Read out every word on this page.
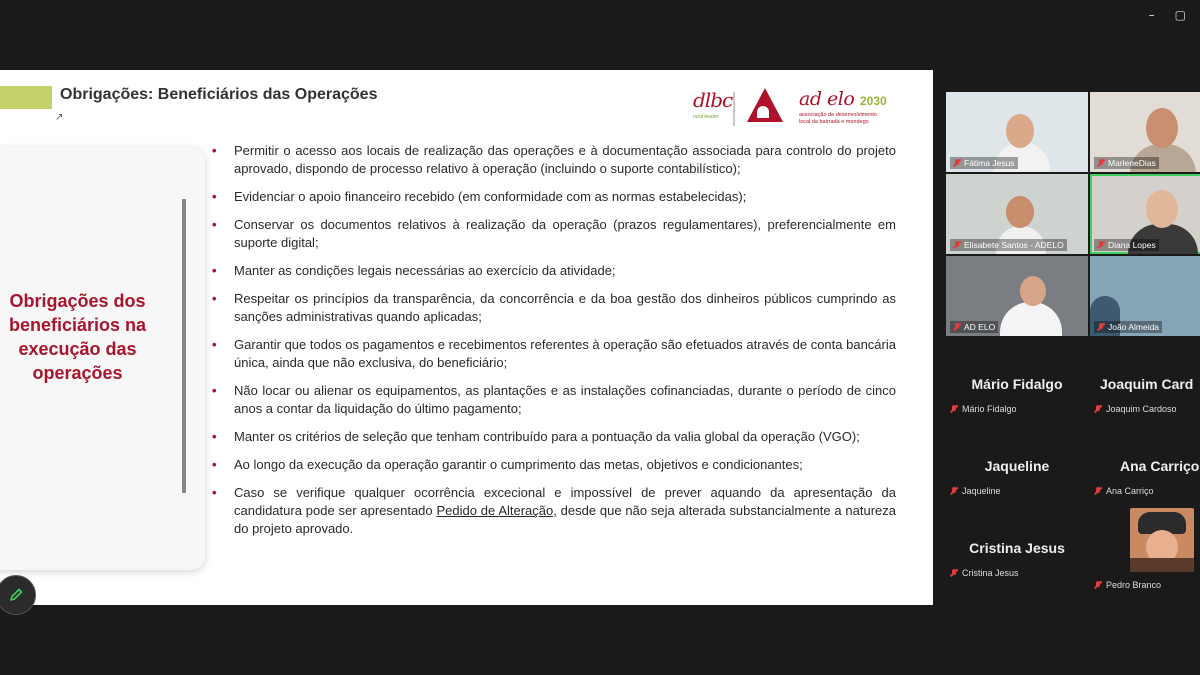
– ▢
Obrigações: Beneficiários das Operações
↗
dlbc
rural leader
ad elo 2030
associação de desenvolvimento local da bairrada e mondego
Obrigações dos beneficiários na execução das operações
• Permitir o acesso aos locais de realização das operações e à documentação associada para controlo do projeto aprovado, dispondo de processo relativo à operação (incluindo o suporte contabilístico);
• Evidenciar o apoio financeiro recebido (em conformidade com as normas estabelecidas);
• Conservar os documentos relativos à realização da operação (prazos regulamentares), preferencialmente em suporte digital;
• Manter as condições legais necessárias ao exercício da atividade;
• Respeitar os princípios da transparência, da concorrência e da boa gestão dos dinheiros públicos cumprindo as sanções administrativas quando aplicadas;
• Garantir que todos os pagamentos e recebimentos referentes à operação são efetuados através de conta bancária única, ainda que não exclusiva, do beneficiário;
• Não locar ou alienar os equipamentos, as plantações e as instalações cofinanciadas, durante o período de cinco anos a contar da liquidação do último pagamento;
• Manter os critérios de seleção que tenham contribuído para a pontuação da valia global da operação (VGO);
• Ao longo da execução da operação garantir o cumprimento das metas, objetivos e condicionantes;
• Caso se verifique qualquer ocorrência excecional e impossível de prever aquando da apresentação da candidatura pode ser apresentado Pedido de Alteração, desde que não seja alterada substancialmente a natureza do projeto aprovado.
Fátima Jesus	MarleneDias
Elisabete Santos - ADELO	Diana Lopes
AD ELO	João Almeida
Mário Fidalgo
Mário Fidalgo
Joaquim Card
Joaquim Cardoso
Jaqueline
Jaqueline
Ana Carriço
Ana Carriço
Cristina Jesus
Cristina Jesus
Pedro Branco
